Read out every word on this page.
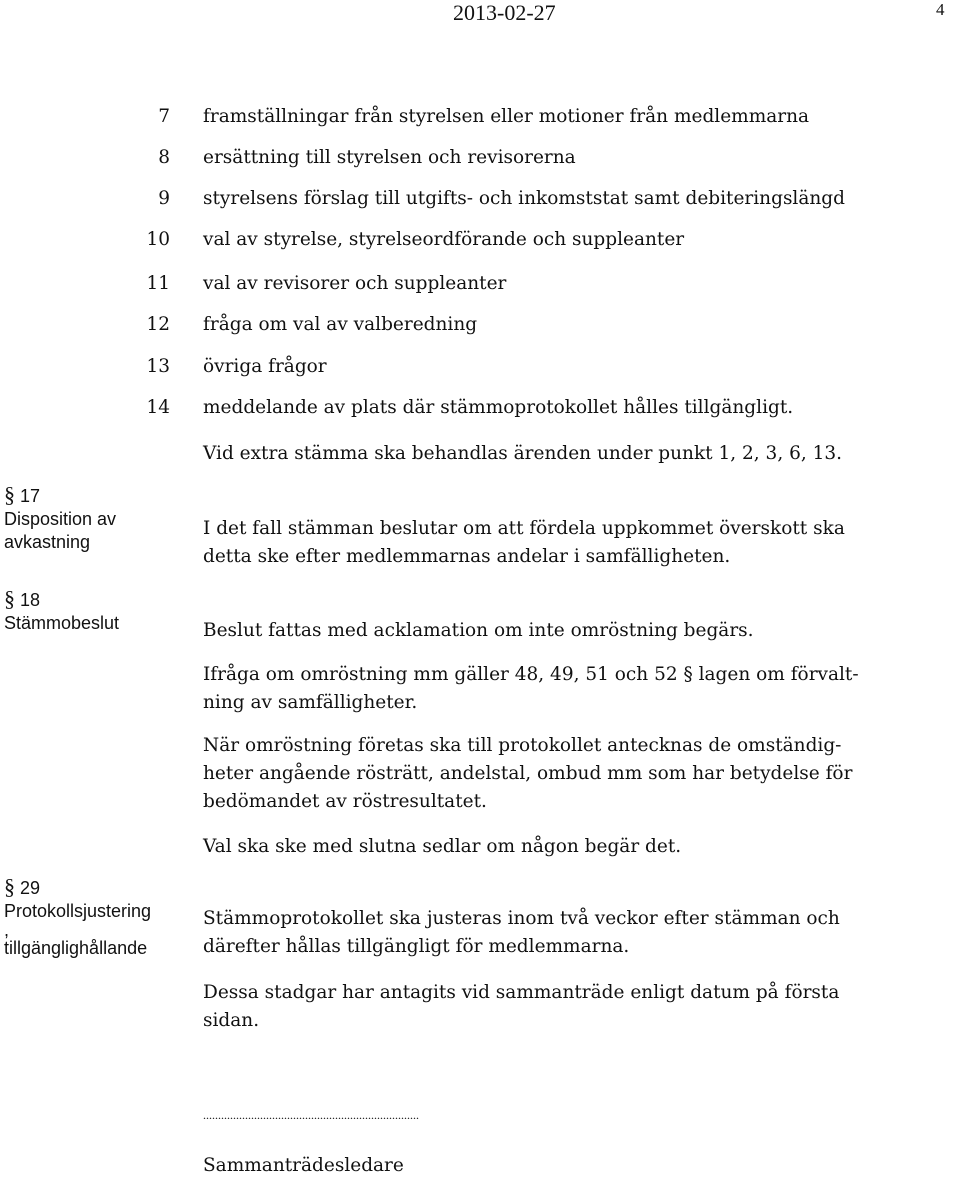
2013-02-27	4
7 framställningar från styrelsen eller motioner från medlemmarna
8 ersättning till styrelsen och revisorerna
9 styrelsens förslag till utgifts- och inkomststat samt debiteringslängd
10 val av styrelse, styrelseordförande och suppleanter
11 val av revisorer och suppleanter
12 fråga om val av valberedning
13 övriga frågor
14 meddelande av plats där stämmoprotokollet hålles tillgängligt.
Vid extra stämma ska behandlas ärenden under punkt 1, 2, 3, 6, 13.
§ 17
Disposition av
avkastning
I det fall stämman beslutar om att fördela uppkommet överskott ska
detta ske efter medlemmarnas andelar i samfälligheten.
§ 18
Stämmobeslut	Beslut fattas med acklamation om inte omröstning begärs.
Ifråga om omröstning mm gäller 48, 49, 51 och 52 § lagen om förvalt-
ning av samfälligheter.
När omröstning företas ska till protokollet antecknas de omständig-
heter angående rösträtt, andelstal, ombud mm som har betydelse för
bedömandet av röstresultatet.
Val ska ske med slutna sedlar om någon begär det.
§ 29
Protokollsjustering
,
tillgänglighållande
Stämmoprotokollet ska justeras inom två veckor efter stämman och
därefter hållas tillgängligt för medlemmarna.
Dessa stadgar har antagits vid sammanträde enligt datum på första
sidan.
........................................................................
Sammanträdesledare
